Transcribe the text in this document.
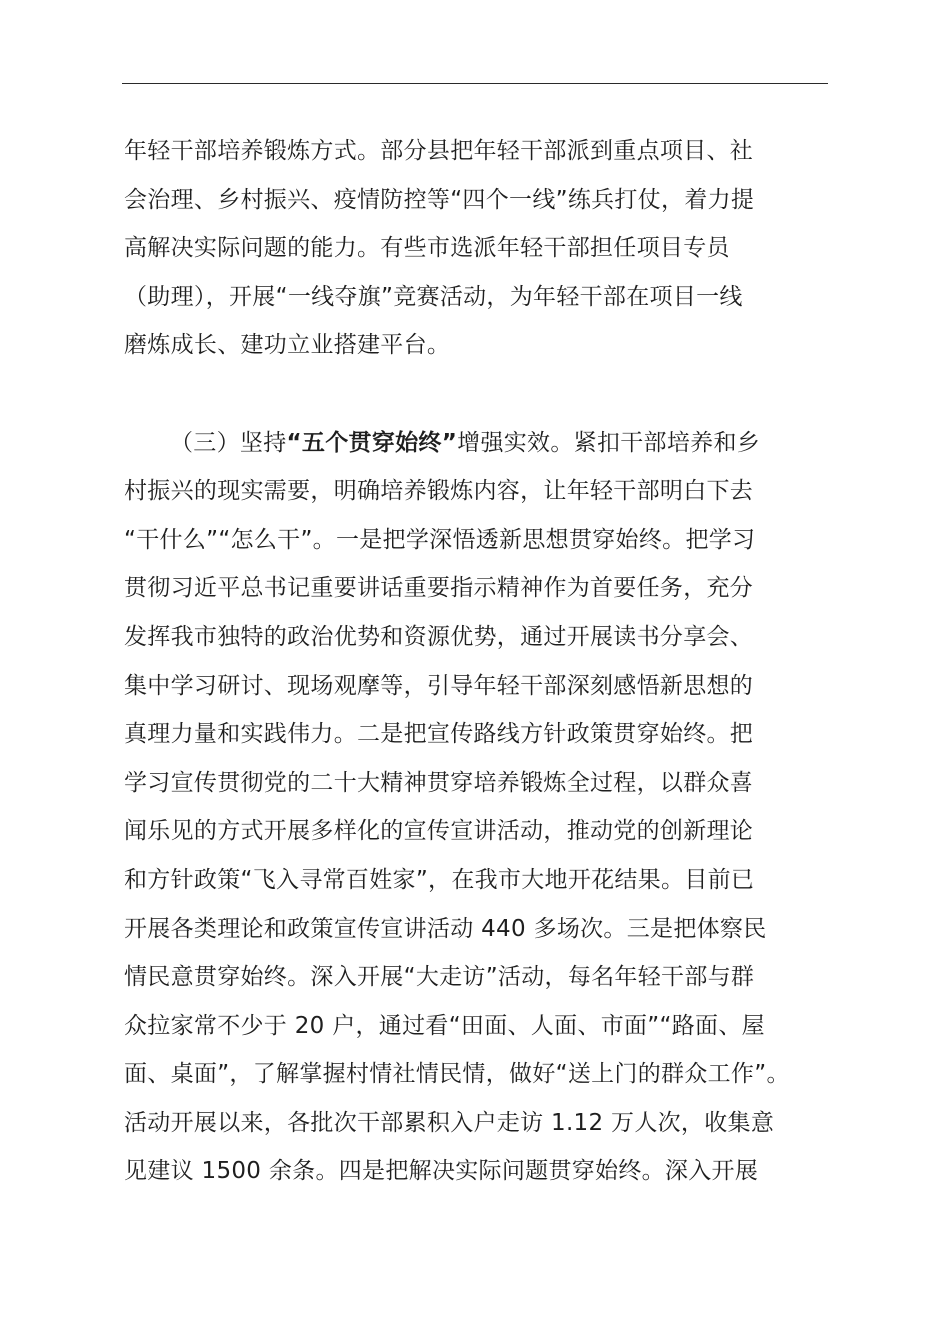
年轻干部培养锻炼方式。部分县把年轻干部派到重点项目、社
会治理、乡村振兴、疫情防控等“四个一线”练兵打仗，着力提
高解决实际问题的能力。有些市选派年轻干部担任项目专员
（助理），开展“一线夺旗”竞赛活动，为年轻干部在项目一线
磨炼成长、建功立业搭建平台。
（三）坚持“五个贯穿始终”增强实效。紧扣干部培养和乡
村振兴的现实需要，明确培养锻炼内容，让年轻干部明白下去
“干什么”“怎么干”。一是把学深悟透新思想贯穿始终。把学习
贯彻习近平总书记重要讲话重要指示精神作为首要任务，充分
发挥我市独特的政治优势和资源优势，通过开展读书分享会、
集中学习研讨、现场观摩等，引导年轻干部深刻感悟新思想的
真理力量和实践伟力。二是把宣传路线方针政策贯穿始终。把
学习宣传贯彻党的二十大精神贯穿培养锻炼全过程，以群众喜
闻乐见的方式开展多样化的宣传宣讲活动，推动党的创新理论
和方针政策“飞入寻常百姓家”，在我市大地开花结果。目前已
开展各类理论和政策宣传宣讲活动 440 多场次。三是把体察民
情民意贯穿始终。深入开展“大走访”活动，每名年轻干部与群
众拉家常不少于 20 户，通过看“田面、人面、市面”“路面、屋
面、桌面”，了解掌握村情社情民情，做好“送上门的群众工作”。
活动开展以来，各批次干部累积入户走访 1.12 万人次，收集意
见建议 1500 余条。四是把解决实际问题贯穿始终。深入开展
